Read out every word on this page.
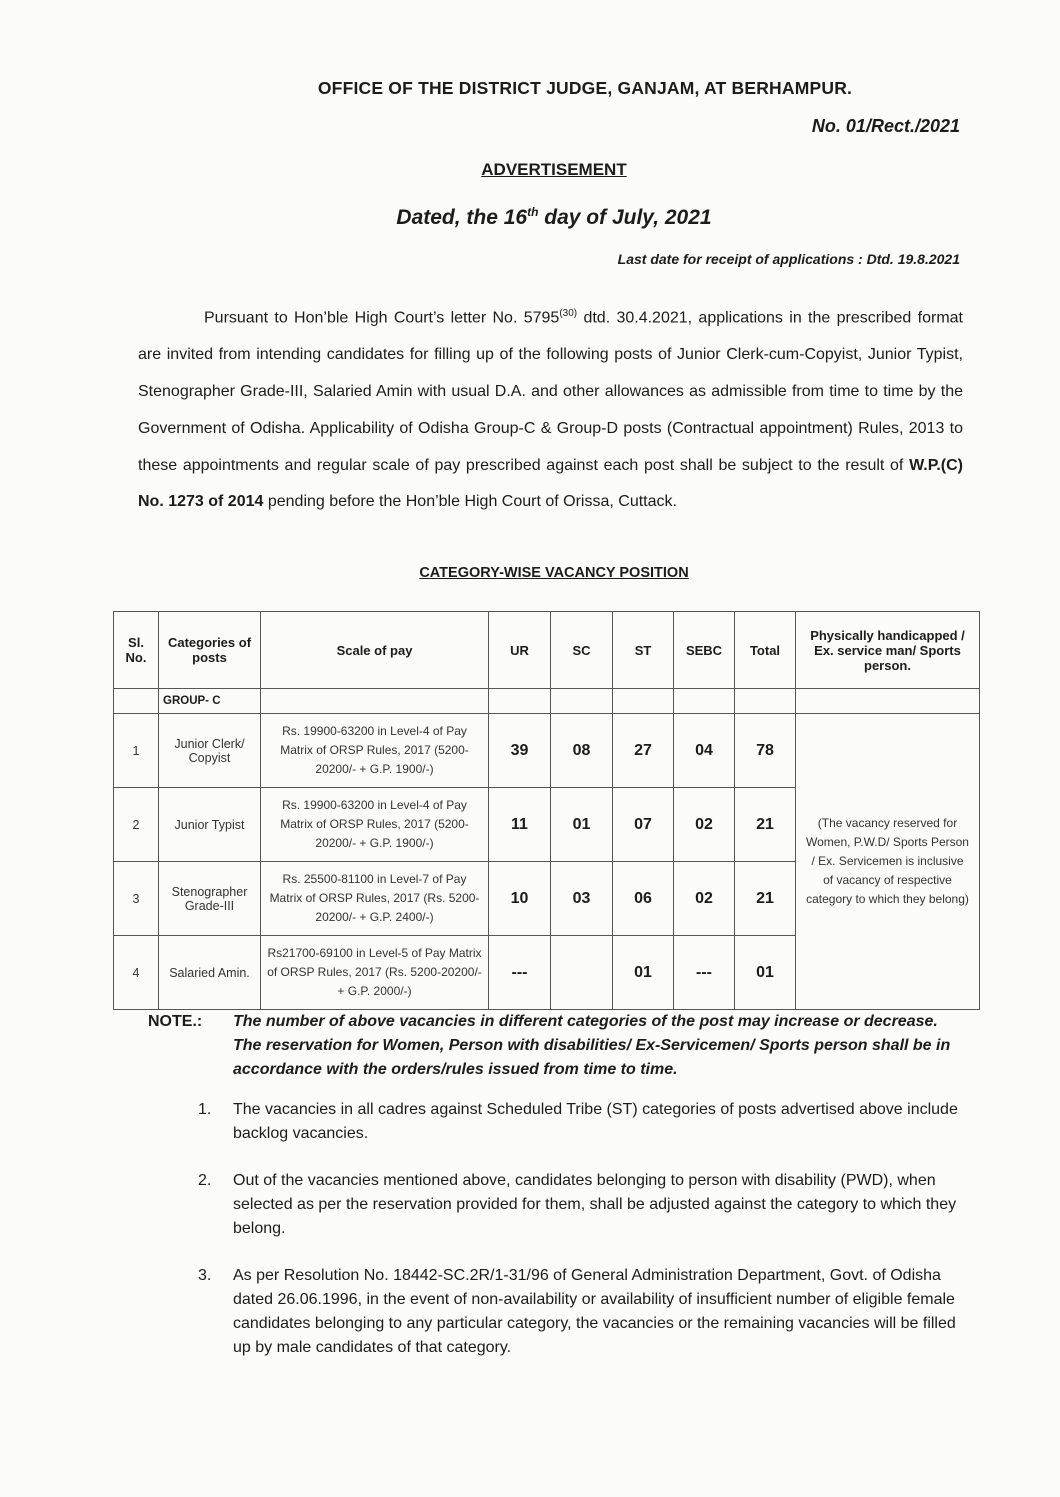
OFFICE OF THE DISTRICT JUDGE, GANJAM, AT BERHAMPUR.
No. 01/Rect./2021
ADVERTISEMENT
Dated, the 16th day of July, 2021
Last date for receipt of applications : Dtd. 19.8.2021
Pursuant to Hon’ble High Court’s letter No. 5795$^{(30)}$ dtd. 30.4.2021, applications in the prescribed format are invited from intending candidates for filling up of the following posts of Junior Clerk-cum-Copyist, Junior Typist, Stenographer Grade-III, Salaried Amin with usual D.A. and other allowances as admissible from time to time by the Government of Odisha. Applicability of Odisha Group-C & Group-D posts (Contractual appointment) Rules, 2013 to these appointments and regular scale of pay prescribed against each post shall be subject to the result of W.P.(C) No. 1273 of 2014 pending before the Hon’ble High Court of Orissa, Cuttack.
CATEGORY-WISE VACANCY POSITION
Sl. No.	Categories of posts	Scale of pay	UR	SC	ST	SEBC	Total	Physically handicapped / Ex. service man/ Sports person.
	GROUP- C							
1	Junior Clerk/ Copyist	Rs. 19900-63200 in Level-4 of Pay Matrix of ORSP Rules, 2017 (5200-20200/- + G.P. 1900/-)	39	08	27	04	78	(The vacancy reserved for Women, P.W.D/ Sports Person / Ex. Servicemen is inclusive of vacancy of respective category to which they belong)
2	Junior Typist	Rs. 19900-63200 in Level-4 of Pay Matrix of ORSP Rules, 2017 (5200-20200/- + G.P. 1900/-)	11	01	07	02	21	
3	Stenographer Grade-III	Rs. 25500-81100 in Level-7 of Pay Matrix of ORSP Rules, 2017 (Rs. 5200-20200/- + G.P. 2400/-)	10	03	06	02	21	
4	Salaried Amin.	Rs21700-69100 in Level-5 of Pay Matrix of ORSP Rules, 2017 (Rs. 5200-20200/- + G.P. 2000/-)	---		01	---	01	
NOTE.: The number of above vacancies in different categories of the post may increase or decrease. The reservation for Women, Person with disabilities/ Ex-Servicemen/ Sports person shall be in accordance with the orders/rules issued from time to time.
1. The vacancies in all cadres against Scheduled Tribe (ST) categories of posts advertised above include backlog vacancies.
2. Out of the vacancies mentioned above, candidates belonging to person with disability (PWD), when selected as per the reservation provided for them, shall be adjusted against the category to which they belong.
3. As per Resolution No. 18442-SC.2R/1-31/96 of General Administration Department, Govt. of Odisha dated 26.06.1996, in the event of non-availability or availability of insufficient number of eligible female candidates belonging to any particular category, the vacancies or the remaining vacancies will be filled up by male candidates of that category.
